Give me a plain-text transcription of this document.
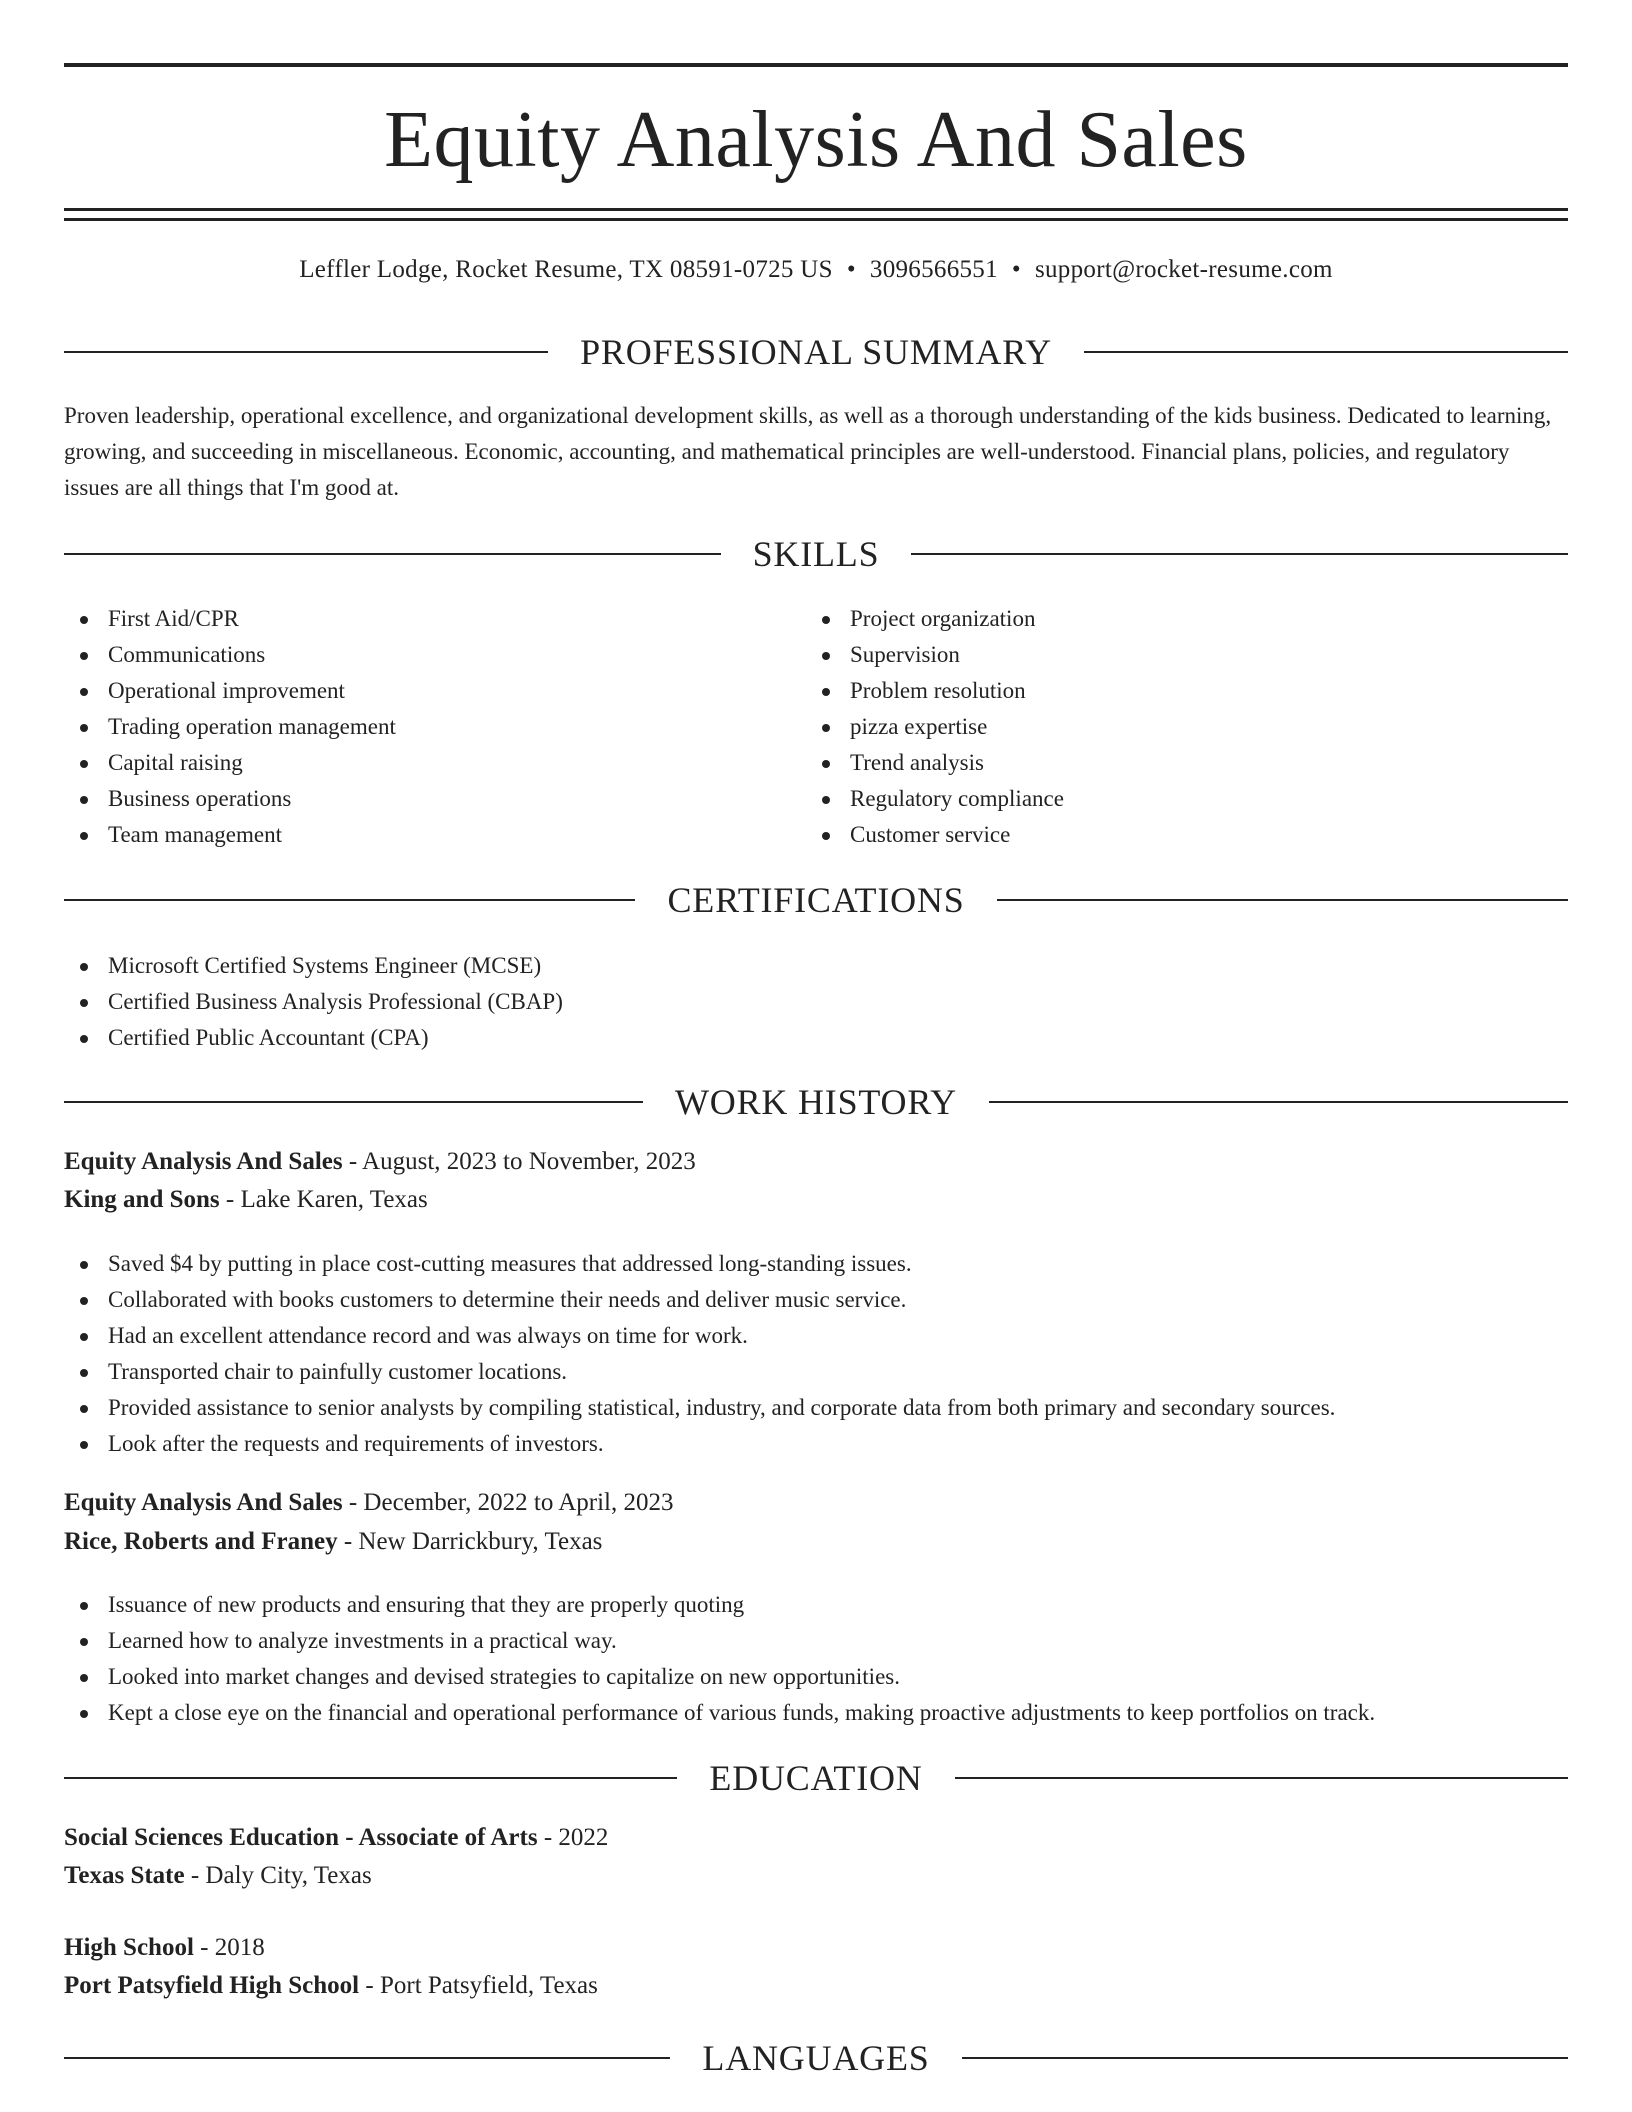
Equity Analysis And Sales
Leffler Lodge, Rocket Resume, TX 08591-0725 US • 3096566551 • support@rocket-resume.com
PROFESSIONAL SUMMARY

Proven leadership, operational excellence, and organizational development skills, as well as a thorough understanding of the kids business. Dedicated to learning, growing, and succeeding in miscellaneous. Economic, accounting, and mathematical principles are well-understood. Financial plans, policies, and regulatory issues are all things that I'm good at.

SKILLS
First Aid/CPR
Communications
Operational improvement
Trading operation management
Capital raising
Business operations
Team management
Project organization
Supervision
Problem resolution
pizza expertise
Trend analysis
Regulatory compliance
Customer service
CERTIFICATIONS
Microsoft Certified Systems Engineer (MCSE)
Certified Business Analysis Professional (CBAP)
Certified Public Accountant (CPA)
WORK HISTORY
Equity Analysis And Sales - August, 2023 to November, 2023
King and Sons - Lake Karen, Texas
Saved $4 by putting in place cost-cutting measures that addressed long-standing issues.
Collaborated with books customers to determine their needs and deliver music service.
Had an excellent attendance record and was always on time for work.
Transported chair to painfully customer locations.
Provided assistance to senior analysts by compiling statistical, industry, and corporate data from both primary and secondary sources.
Look after the requests and requirements of investors.
Equity Analysis And Sales - December, 2022 to April, 2023
Rice, Roberts and Franey - New Darrickbury, Texas
Issuance of new products and ensuring that they are properly quoting
Learned how to analyze investments in a practical way.
Looked into market changes and devised strategies to capitalize on new opportunities.
Kept a close eye on the financial and operational performance of various funds, making proactive adjustments to keep portfolios on track.
EDUCATION
Social Sciences Education - Associate of Arts - 2022
Texas State - Daly City, Texas
High School - 2018
Port Patsyfield High School - Port Patsyfield, Texas
LANGUAGES
